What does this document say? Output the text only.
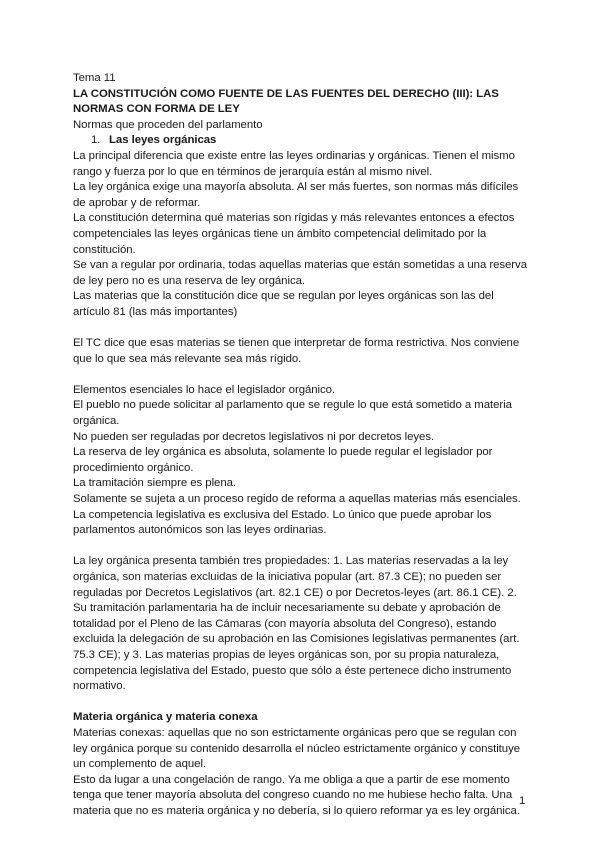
Tema 11

LA CONSTITUCIÓN COMO FUENTE DE LAS FUENTES DEL DERECHO (III): LAS NORMAS CON FORMA DE LEY

Normas que proceden del parlamento

1. Las leyes orgánicas

La principal diferencia que existe entre las leyes ordinarias y orgánicas. Tienen el mismo rango y fuerza por lo que en términos de jerarquía están al mismo nivel.

La ley orgánica exige una mayoría absoluta. Al ser más fuertes, son normas más difíciles de aprobar y de reformar.

La constitución determina qué materias son rígidas y más relevantes entonces a efectos competenciales las leyes orgánicas tiene un ámbito competencial delimitado por la constitución.

Se van a regular por ordinaria, todas aquellas materias que están sometidas a una reserva de ley pero no es una reserva de ley orgánica.

Las materias que la constitución dice que se regulan por leyes orgánicas son las del artículo 81 (las más importantes)

El TC dice que esas materias se tienen que interpretar de forma restrictiva. Nos conviene que lo que sea más relevante sea más rígido.

Elementos esenciales lo hace el legislador orgánico.

El pueblo no puede solicitar al parlamento que se regule lo que está sometido a materia orgánica.

No pueden ser reguladas por decretos legislativos ni por decretos leyes.

La reserva de ley orgánica es absoluta, solamente lo puede regular el legislador por procedimiento orgánico.

La tramitación siempre es plena.

Solamente se sujeta a un proceso regido de reforma a aquellas materias más esenciales.

La competencia legislativa es exclusiva del Estado. Lo único que puede aprobar los parlamentos autonómicos son las leyes ordinarias.

La ley orgánica presenta también tres propiedades: 1. Las materias reservadas a la ley orgánica, son materias excluidas de la iniciativa popular (art. 87.3 CE); no pueden ser reguladas por Decretos Legislativos (art. 82.1 CE) o por Decretos-leyes (art. 86.1 CE). 2. Su tramitación parlamentaria ha de incluir necesariamente su debate y aprobación de totalidad por el Pleno de las Cámaras (con mayoría absoluta del Congreso), estando excluida la delegación de su aprobación en las Comisiones legislativas permanentes (art. 75.3 CE); y 3. Las materias propias de leyes orgánicas son, por su propia naturaleza, competencia legislativa del Estado, puesto que sólo a éste pertenece dicho instrumento normativo.

Materia orgánica y materia conexa

Materias conexas: aquellas que no son estrictamente orgánicas pero que se regulan con ley orgánica porque su contenido desarrolla el núcleo estrictamente orgánico y constituye un complemento de aquel.

Esto da lugar a una congelación de rango. Ya me obliga a que a partir de ese momento tenga que tener mayoría absoluta del congreso cuando no me hubiese hecho falta. Una materia que no es materia orgánica y no debería, si lo quiero reformar ya es ley orgánica.

1
